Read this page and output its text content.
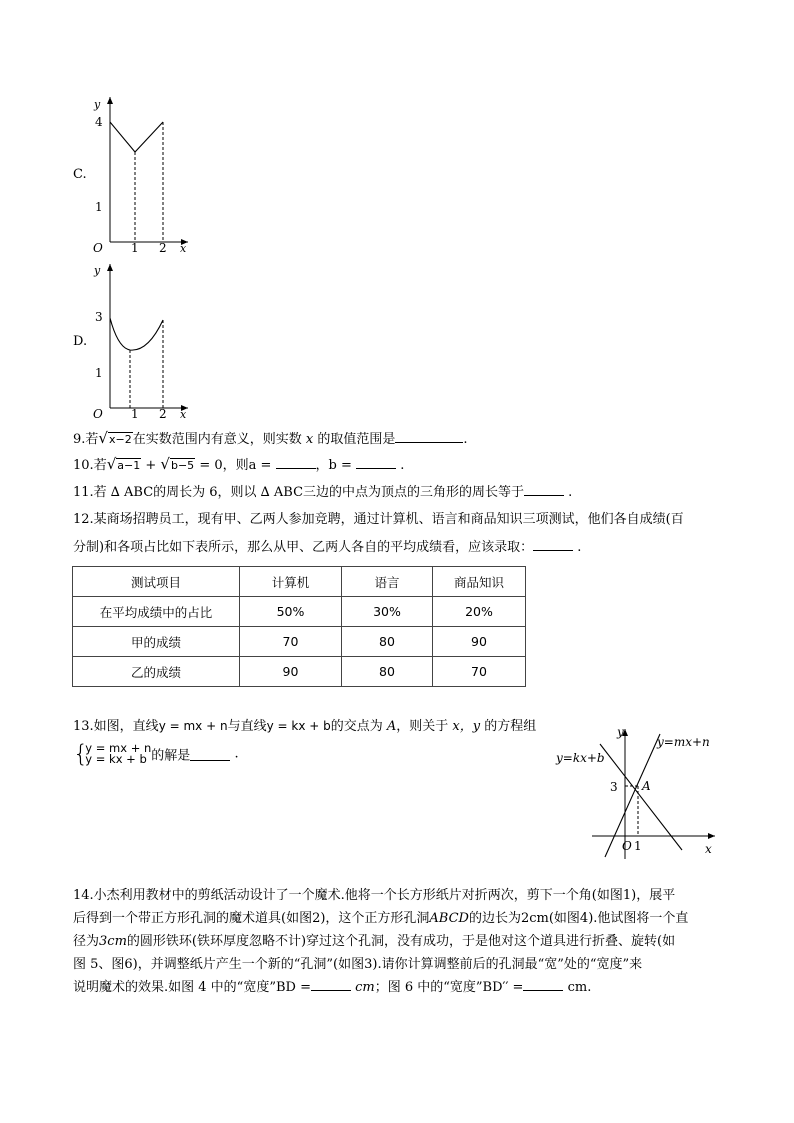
C.
y
x
O
4
1
1 2
D.
y
x
O
3
1
1 2
9.若√x−2在实数范围内有意义，则实数 x 的取值范围是	.
10.若√a−1 + √b−5 = 0，则a =	，b =	.
11.若 ∆ ABC的周长为 6，则以 ∆ ABC三边的中点为顶点的三角形的周长等于	.
12.某商场招聘员工，现有甲、乙两人参加竞聘，通过计算机、语言和商品知识三项测试，他们各自成绩(百
分制)和各项占比如下表所示，那么从甲、乙两人各自的平均成绩看，应该录取：	.
测试项目	计算机	语言	商品知识
在平均成绩中的占比	50%	30%	20%
甲的成绩	70	80	90
乙的成绩	90	80	70
13.如图，直线y = mx + n与直线y = kx + b的交点为 A，则关于 x，y 的方程组
{y = mx + n
y = kx + b 的解是	.
y
x
O 1
3 A
y=mx+n
y=kx+b
14.小杰利用教材中的剪纸活动设计了一个魔术.他将一个长方形纸片对折两次，剪下一个角(如图1)，展平
后得到一个带正方形孔洞的魔术道具(如图2)，这个正方形孔洞ABCD的边长为2cm(如图4).他试图将一个直
径为3cm的圆形铁环(铁环厚度忽略不计)穿过这个孔洞，没有成功，于是他对这个道具进行折叠、旋转(如
图 5、图6)，并调整纸片产生一个新的“孔洞”(如图3).请你计算调整前后的孔洞最“宽”处的“宽度”来
说明魔术的效果.如图 4 中的“宽度”BD =	cm；图 6 中的“宽度”BD′′ =	cm.
